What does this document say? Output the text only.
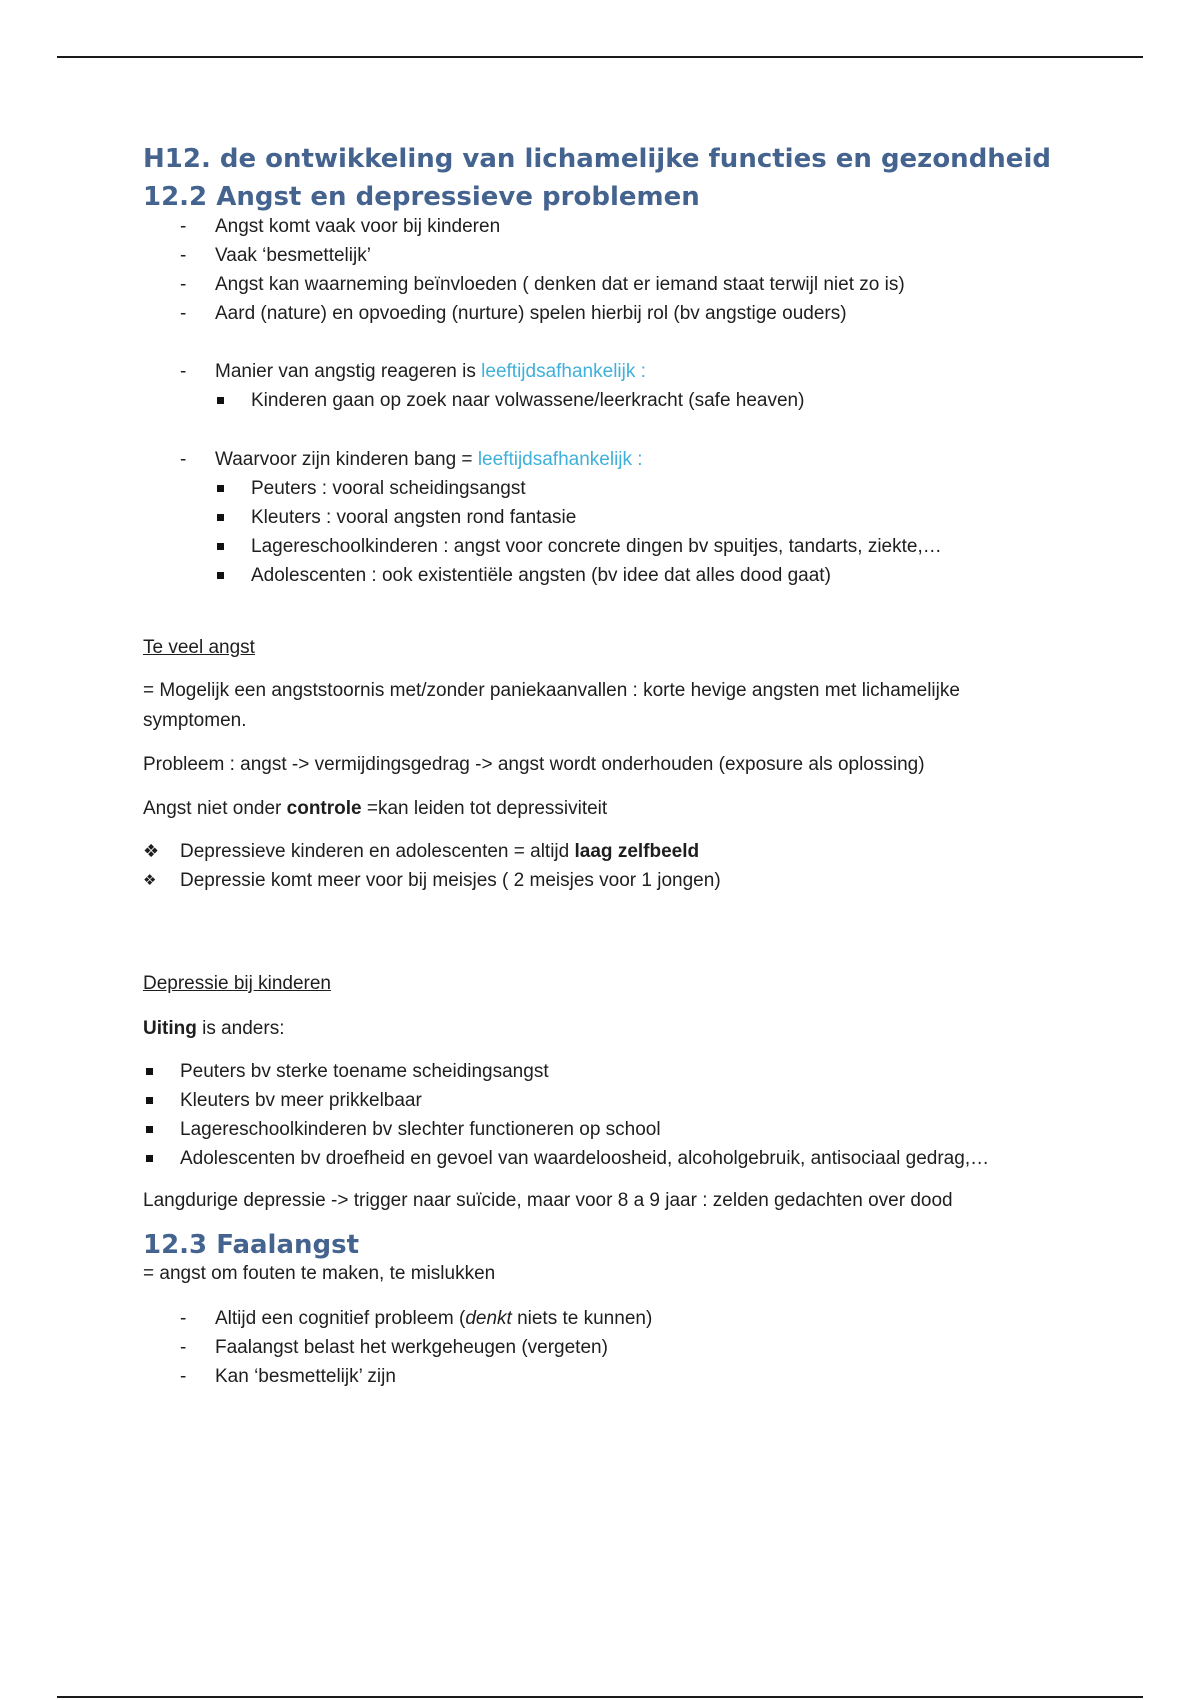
H12. de ontwikkeling van lichamelijke functies en gezondheid
12.2 Angst en depressieve problemen
- Angst komt vaak voor bij kinderen
- Vaak ‘besmettelijk’
- Angst kan waarneming beïnvloeden ( denken dat er iemand staat terwijl niet zo is)
- Aard (nature) en opvoeding (nurture) spelen hierbij rol (bv angstige ouders)
- Manier van angstig reageren is leeftijdsafhankelijk :
Kinderen gaan op zoek naar volwassene/leerkracht (safe heaven)
- Waarvoor zijn kinderen bang = leeftijdsafhankelijk :
Peuters : vooral scheidingsangst
Kleuters : vooral angsten rond fantasie
Lagereschoolkinderen : angst voor concrete dingen bv spuitjes, tandarts, ziekte,…
Adolescenten : ook existentiële angsten (bv idee dat alles dood gaat)

Te veel angst

= Mogelijk een angststoornis met/zonder paniekaanvallen : korte hevige angsten met lichamelijke

symptomen.

Probleem : angst -> vermijdingsgedrag -> angst wordt onderhouden (exposure als oplossing)

Angst niet onder controle =kan leiden tot depressiviteit

❖ Depressieve kinderen en adolescenten = altijd laag zelfbeeld
❖ Depressie komt meer voor bij meisjes ( 2 meisjes voor 1 jongen)

Depressie bij kinderen

Uiting is anders:

Peuters bv sterke toename scheidingsangst
Kleuters bv meer prikkelbaar
Lagereschoolkinderen bv slechter functioneren op school
Adolescenten bv droefheid en gevoel van waardeloosheid, alcoholgebruik, antisociaal gedrag,…

Langdurige depressie -> trigger naar suïcide, maar voor 8 a 9 jaar : zelden gedachten over dood

12.3 Faalangst

= angst om fouten te maken, te mislukken

- Altijd een cognitief probleem (denkt niets te kunnen)
- Faalangst belast het werkgeheugen (vergeten)
- Kan ‘besmettelijk’ zijn
